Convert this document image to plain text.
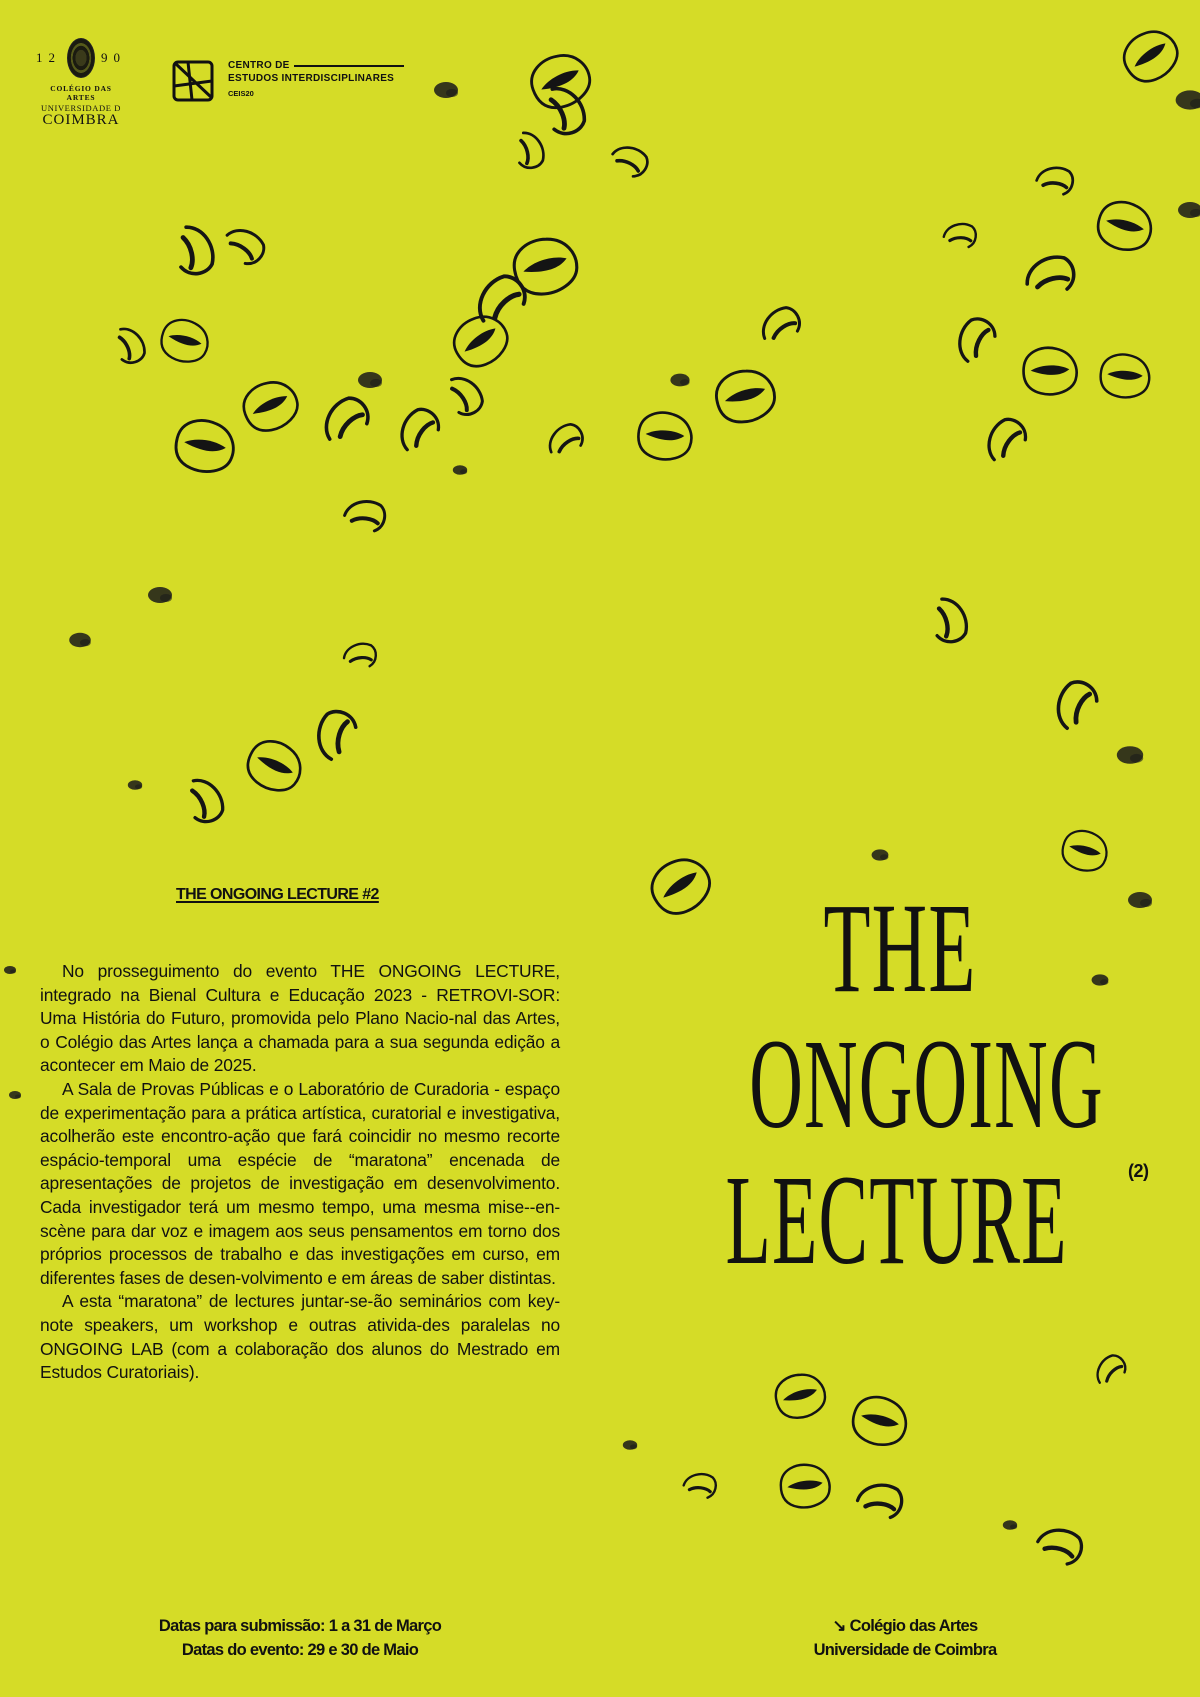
12	90
COLÉGIO DAS ARTES
UNIVERSIDADE D
COIMBRA
CENTRO DE
ESTUDOS INTERDISCIPLINARES
CEIS20
THE ONGOING LECTURE #2

No prosseguimento do evento THE ONGOING LECTURE, integrado na Bienal Cultura e Educação 2023 - RETROVI-SOR: Uma História do Futuro, promovida pelo Plano Nacio-nal das Artes, o Colégio das Artes lança a chamada para a sua segunda edição a acontecer em Maio de 2025.

A Sala de Provas Públicas e o Laboratório de Curadoria - espaço de experimentação para a prática artística, curatorial e investigativa, acolherão este encontro-ação que fará coincidir no mesmo recorte espácio-temporal uma espécie de “maratona” encenada de apresentações de projetos de investigação em desenvolvimento. Cada investigador terá um mesmo tempo, uma mesma mise--en-scène para dar voz e imagem aos seus pensamentos em torno dos próprios processos de trabalho e das investigações em curso, em diferentes fases de desen-volvimento e em áreas de saber distintas.

A esta “maratona” de lectures juntar-se-ão seminários com key-note speakers, um workshop e outras ativida-des paralelas no ONGOING LAB (com a colaboração dos alunos do Mestrado em Estudos Curatoriais).

THE
ONGOING
LECTURE	(2)
Datas para submissão: 1 a 31 de Março
Datas do evento: 29 e 30 de Maio
↘ Colégio das Artes
Universidade de Coimbra
